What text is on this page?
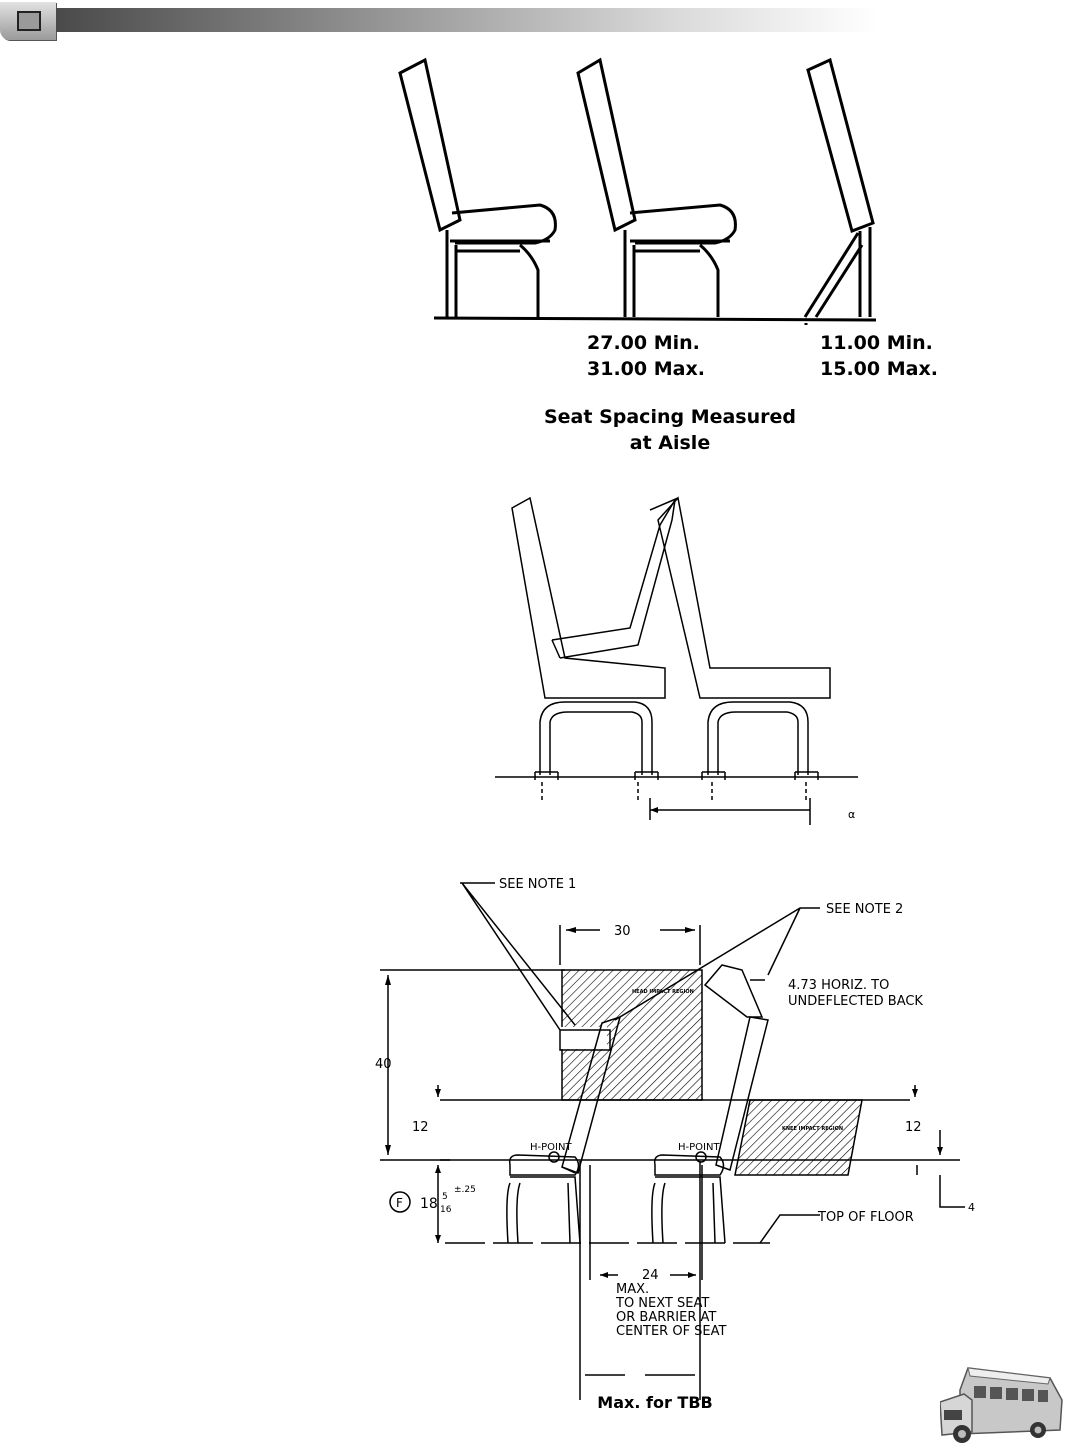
27.00 Min.
31.00 Max.
11.00 Min.
15.00 Max.
Seat Spacing Measured
at Aisle
α
SEE NOTE 1
SEE NOTE 2
30
4.73 HORIZ. TO
UNDEFLECTED BACK
40
12	12
H-POINT	H-POINT
HEAD IMPACT REGION
KNEE IMPACT REGION
F 18 5
16
±.25
TOP OF FLOOR
4
24
MAX.
TO NEXT SEAT
OR BARRIER AT
CENTER OF SEAT
Max. for TBB
